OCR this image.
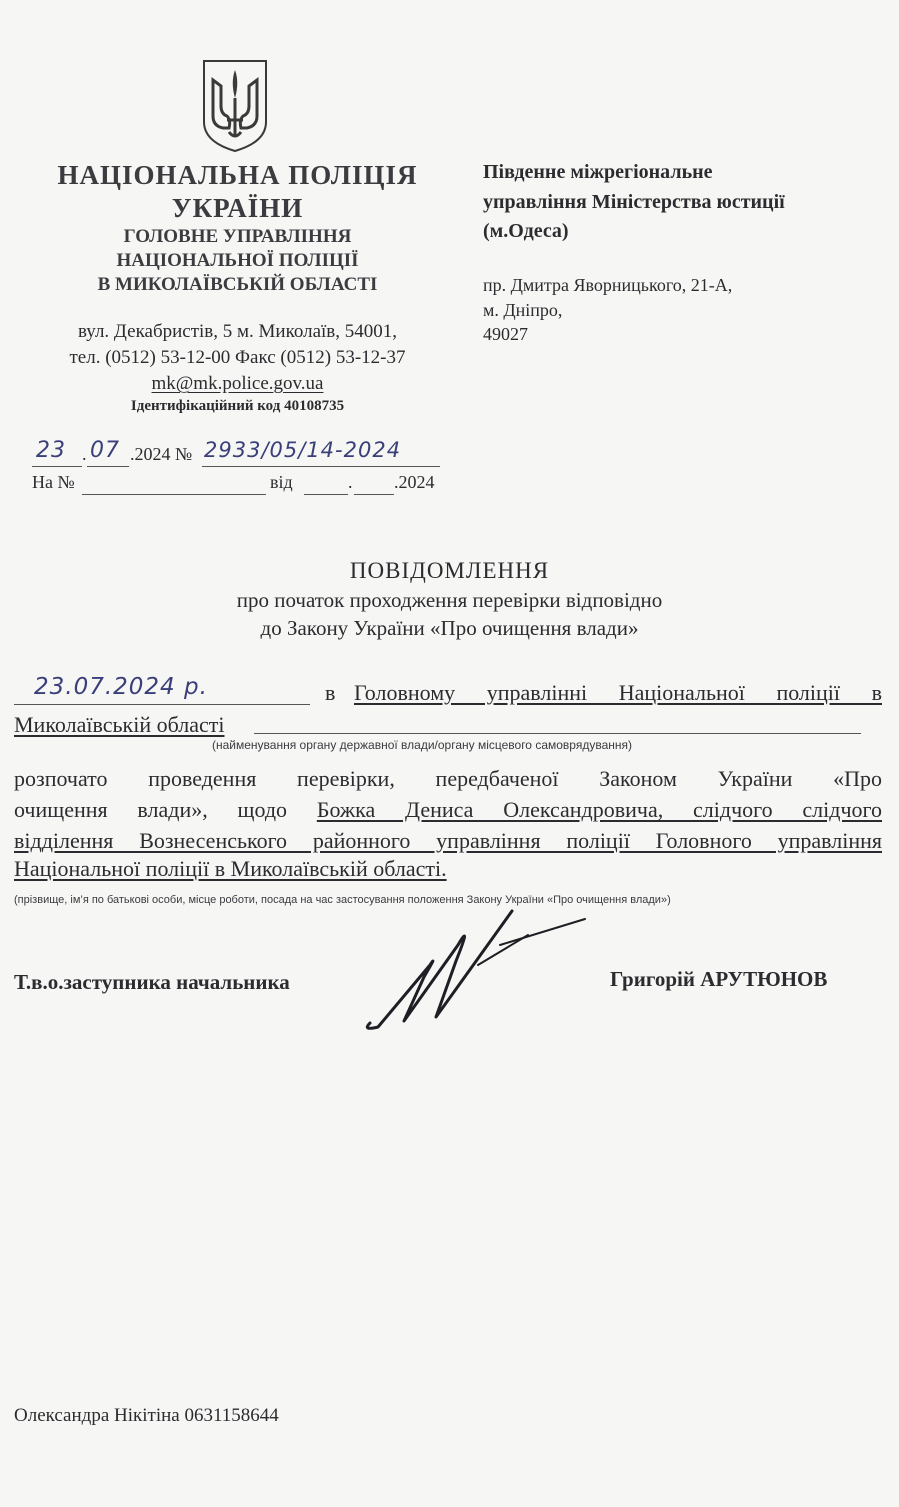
НАЦІОНАЛЬНА ПОЛІЦІЯ
УКРАЇНИ
ГОЛОВНЕ УПРАВЛІННЯ
НАЦІОНАЛЬНОЇ ПОЛІЦІЇ
В МИКОЛАЇВСЬКІЙ ОБЛАСТІ
вул. Декабристів, 5 м. Миколаїв, 54001,
тел. (0512) 53-12-00 Факс (0512) 53-12-37
mk@mk.police.gov.ua
Ідентифікаційний код 40108735
Південне міжрегіональне
управління Міністерства юстиції
(м.Одеса)
пр. Дмитра Яворницького, 21-А,
м. Дніпро,
49027
23 . 07 .2024 № 2933/05/14-2024
На №	від	. .2024
ПОВІДОМЛЕННЯ
про початок проходження перевірки відповідно
до Закону України «Про очищення влади»
23.07.2024 р.	в Головному управлінні Національної поліції в
Миколаївській області
(найменування органу державної влади/органу місцевого самоврядування)
розпочато проведення перевірки, передбаченої Законом України «Про
очищення влади», щодо Божка Дениса Олександровича, слідчого слідчого
відділення Вознесенського районного управління поліції Головного управління
Національної поліції в Миколаївській області.
(прізвище, ім’я по батькові особи, місце роботи, посада на час застосування положення Закону України «Про очищення влади»)
Т.в.о.заступника начальника	Григорій АРУТЮНОВ
Олександра Нікітіна 0631158644
